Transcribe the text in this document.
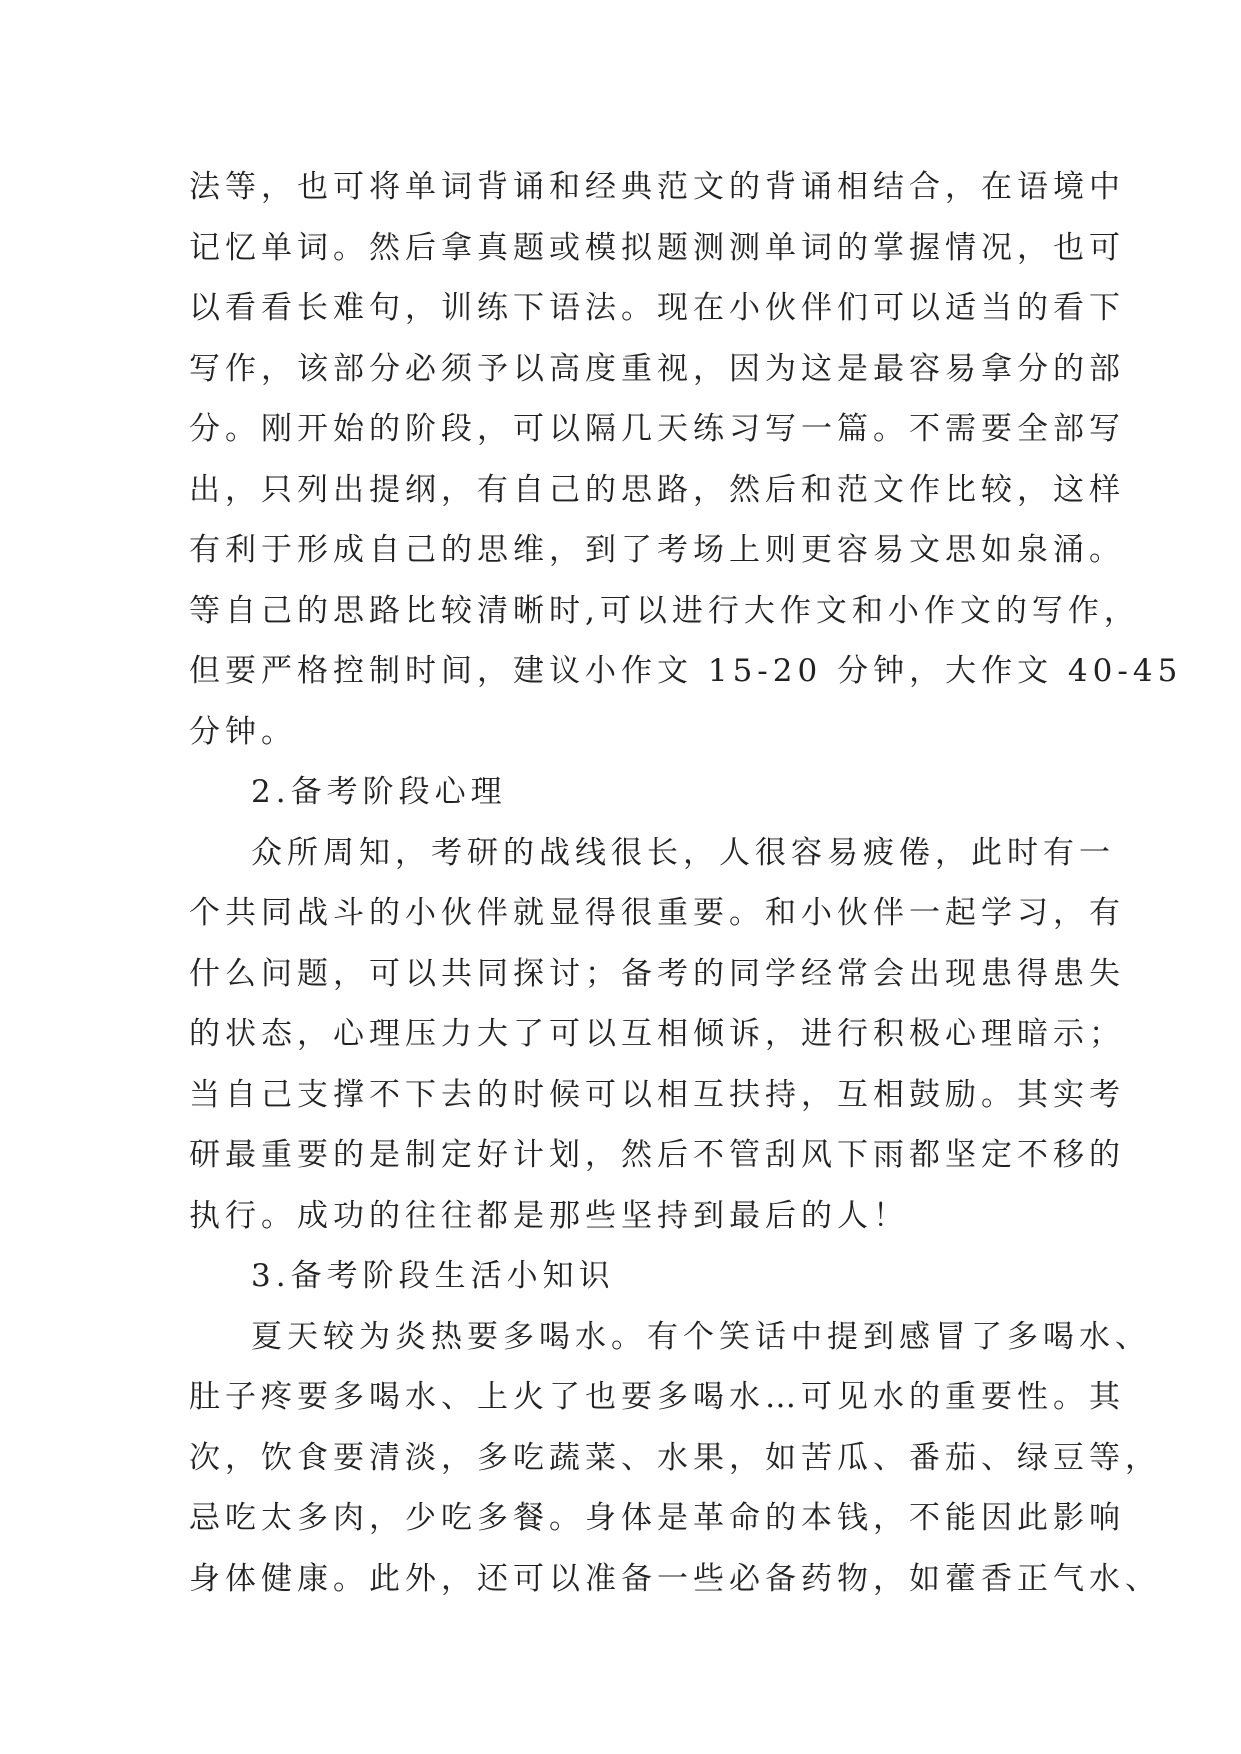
法等，也可将单词背诵和经典范文的背诵相结合，在语境中
记忆单词。然后拿真题或模拟题测测单词的掌握情况，也可
以看看长难句，训练下语法。现在小伙伴们可以适当的看下
写作，该部分必须予以高度重视，因为这是最容易拿分的部
分。刚开始的阶段，可以隔几天练习写一篇。不需要全部写
出，只列出提纲，有自己的思路，然后和范文作比较，这样
有利于形成自己的思维，到了考场上则更容易文思如泉涌。
等自己的思路比较清晰时,可以进行大作文和小作文的写作，
但要严格控制时间，建议小作文 15-20 分钟，大作文 40-45
分钟。
2.备考阶段心理
众所周知，考研的战线很长，人很容易疲倦，此时有一
个共同战斗的小伙伴就显得很重要。和小伙伴一起学习，有
什么问题，可以共同探讨；备考的同学经常会出现患得患失
的状态，心理压力大了可以互相倾诉，进行积极心理暗示；
当自己支撑不下去的时候可以相互扶持，互相鼓励。其实考
研最重要的是制定好计划，然后不管刮风下雨都坚定不移的
执行。成功的往往都是那些坚持到最后的人！
3.备考阶段生活小知识
夏天较为炎热要多喝水。有个笑话中提到感冒了多喝水、
肚子疼要多喝水、上火了也要多喝水…可见水的重要性。其
次，饮食要清淡，多吃蔬菜、水果，如苦瓜、番茄、绿豆等，
忌吃太多肉，少吃多餐。身体是革命的本钱，不能因此影响
身体健康。此外，还可以准备一些必备药物，如藿香正气水、
